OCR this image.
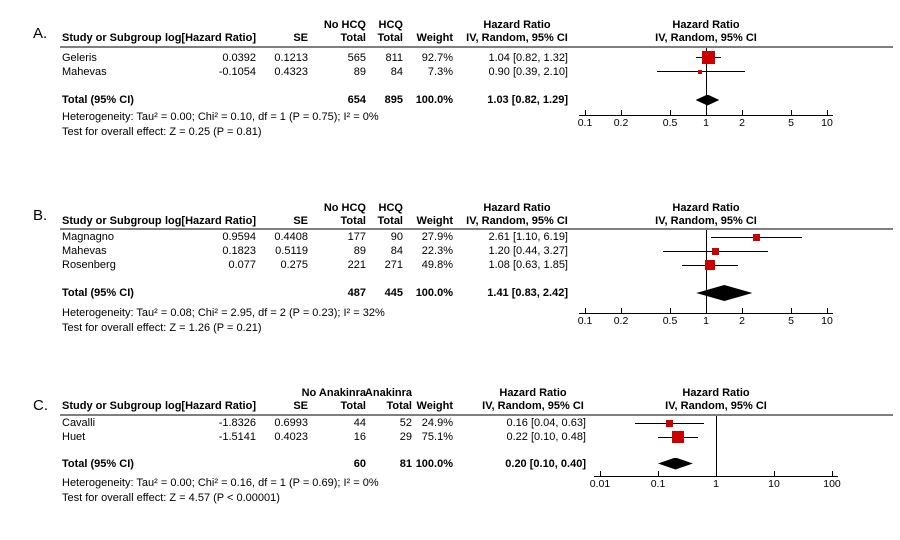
A.	No HCQ HCQ	Hazard Ratio	Hazard Ratio
Study or Subgroup log[Hazard Ratio]	SE	Total Total Weight	IV, Random, 95% CI	IV, Random, 95% CI
Geleris	0.0392 0.1213	565 811 92.7%	1.04 [0.82, 1.32]
Mahevas	-0.1054 0.4323	89 84 7.3%	0.90 [0.39, 2.10]
Total (95% CI)	654 895 100.0%	1.03 [0.82, 1.29]
Heterogeneity: Tau² = 0.00; Chi² = 0.10, df = 1 (P = 0.75); I² = 0%
Test for overall effect: Z = 0.25 (P = 0.81)
B.	No HCQ HCQ	Hazard Ratio	Hazard Ratio
Study or Subgroup log[Hazard Ratio]	SE	Total Total Weight	IV, Random, 95% CI	IV, Random, 95% CI
Magnagno	0.9594 0.4408	177 90 27.9%	2.61 [1.10, 6.19]
Mahevas	0.1823 0.5119	89 84 22.3%	1.20 [0.44, 3.27]
Rosenberg	0.077 0.275	221 271 49.8%	1.08 [0.63, 1.85]
Total (95% CI)	487 445 100.0%	1.41 [0.83, 2.42]
Heterogeneity: Tau² = 0.08; Chi² = 2.95, df = 2 (P = 0.23); I² = 32%
Test for overall effect: Z = 1.26 (P = 0.21)
C.
No Anakinra
Anakinra	Hazard Ratio	Hazard Ratio
Study or Subgroup log[Hazard Ratio]	SE	Total Total Weight	IV, Random, 95% CI	IV, Random, 95% CI
Cavalli	-1.8326 0.6993	44	52 24.9%	0.16 [0.04, 0.63]
Huet	-1.5141 0.4023	16	29 75.1%	0.22 [0.10, 0.48]
Total (95% CI)	60	81 100.0%	0.20 [0.10, 0.40]
Heterogeneity: Tau² = 0.00; Chi² = 0.16, df = 1 (P = 0.69); I² = 0%
Test for overall effect: Z = 4.57 (P < 0.00001)
0.1	0.2	0.5	1	2	5	10
0.1	0.2	0.5	1	2	5	10
0.01	0.1	1	10	100
